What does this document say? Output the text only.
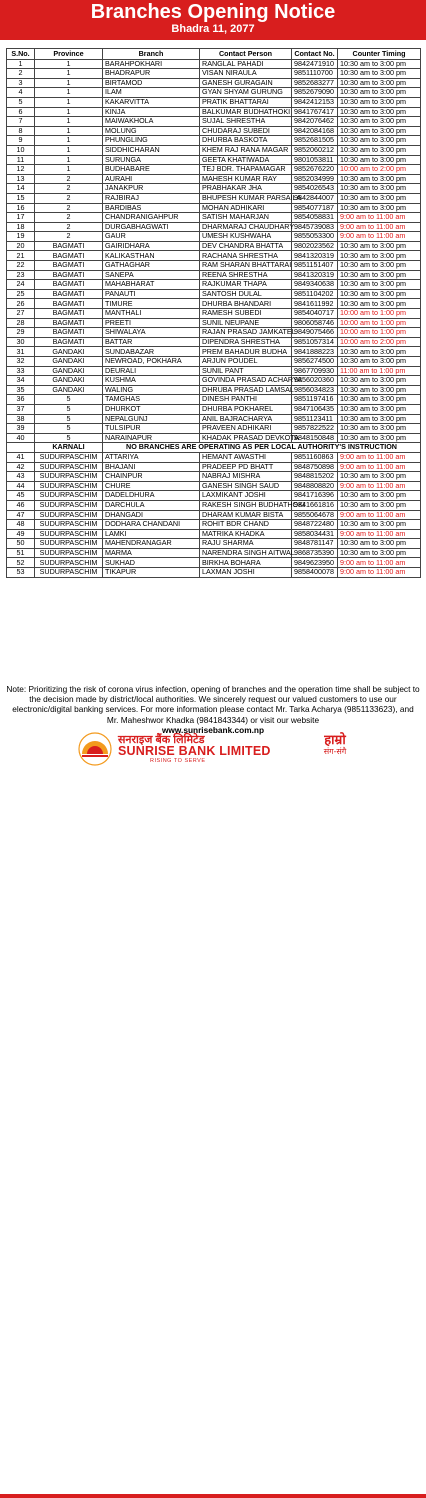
Branches Opening Notice
Bhadra 11, 2077
S.No.	Province	Branch	Contact Person	Contact No.	Counter Timing
1	1	BARAHPOKHARI	RANGLAL PAHADI	9842471910	10:30 am to 3:00 pm
2	1	BHADRAPUR	VISAN NIRAULA	9851110700	10:30 am to 3:00 pm
3	1	BIRTAMOD	GANESH GURAGAIN	9852683277	10:30 am to 3:00 pm
4	1	ILAM	GYAN SHYAM GURUNG	9852679090	10:30 am to 3:00 pm
5	1	KAKARVITTA	PRATIK BHATTARAI	9842412153	10:30 am to 3:00 pm
6	1	KINJA	BALKUMAR BUDHATHOKI	9841767417	10:30 am to 3:00 pm
7	1	MAIWAKHOLA	SUJAL SHRESTHA	9842076462	10:30 am to 3:00 pm
8	1	MOLUNG	CHUDARAJ SUBEDI	9842084168	10:30 am to 3:00 pm
9	1	PHUNGLING	DHURBA BASKOTA	9852681505	10:30 am to 3:00 pm
10	1	SIDDHICHARAN	KHEM RAJ RANA MAGAR	9852060212	10:30 am to 3:00 pm
11	1	SURUNGA	GEETA KHATIWADA	9801053811	10:30 am to 3:00 pm
12	1	BUDHABARE	TEJ BDR. THAPAMAGAR	9852676220	10:00 am to 2:00 pm
13	2	AURAHI	MAHESH KUMAR RAY	9852034999	10:30 am to 3:00 pm
14	2	JANAKPUR	PRABHAKAR JHA	9854026543	10:30 am to 3:00 pm
15	2	RAJBIRAJ	BHUPESH KUMAR PARSAILA	9842844007	10:30 am to 3:00 pm
16	2	BARDIBAS	MOHAN ADHIKARI	9854077187	10:30 am to 3:00 pm
17	2	CHANDRANIGAHPUR	SATISH MAHARJAN	9854058831	9:00 am to 11:00 am
18	2	DURGABHAGWATI	DHARMARAJ CHAUDHARY	9845739083	9:00 am to 11:00 am
19	2	GAUR	UMESH KUSHWAHA	9855053300	9:00 am to 11:00 am
20	BAGMATI	GAIRIDHARA	DEV CHANDRA BHATTA	9802023562	10:30 am to 3:00 pm
21	BAGMATI	KALIKASTHAN	RACHANA SHRESTHA	9841320319	10:30 am to 3:00 pm
22	BAGMATI	GATHAGHAR	RAM SHARAN BHATTARAI	9851151407	10:30 am to 3:00 pm
23	BAGMATI	SANEPA	REENA SHRESTHA	9841320319	10:30 am to 3:00 pm
24	BAGMATI	MAHABHARAT	RAJKUMAR THAPA	9849340638	10:30 am to 3:00 pm
25	BAGMATI	PANAUTI	SANTOSH DULAL	9851104202	10:30 am to 3:00 pm
26	BAGMATI	TIMURE	DHURBA BHANDARI	9841611992	10:30 am to 3:00 pm
27	BAGMATI	MANTHALI	RAMESH SUBEDI	9854040717	10:00 am to 1:00 pm
28	BAGMATI	PREETI	SUNIL NEUPANE	9806058746	10:00 am to 1:00 pm
29	BAGMATI	SHIWALAYA	RAJAN PRASAD JAMKATEL	9849075466	10:00 am to 1:00 pm
30	BAGMATI	BATTAR	DIPENDRA SHRESTHA	9851057314	10:00 am to 2:00 pm
31	GANDAKI	SUNDABAZAR	PREM BAHADUR BUDHA	9841888223	10:30 am to 3:00 pm
32	GANDAKI	NEWROAD, POKHARA	ARJUN POUDEL	9856274500	10:30 am to 3:00 pm
33	GANDAKI	DEURALI	SUNIL PANT	9867709930	11:00 am to 1:00 pm
34	GANDAKI	KUSHMA	GOVINDA PRASAD ACHARYA	9856020360	10:30 am to 3:00 pm
35	GANDAKI	WALING	DHRUBA PRASAD LAMSAL	9856034823	10:30 am to 3:00 pm
36	5	TAMGHAS	DINESH PANTHI	9851197416	10:30 am to 3:00 pm
37	5	DHURKOT	DHURBA POKHAREL	9847106435	10:30 am to 3:00 pm
38	5	NEPALGUNJ	ANIL BAJRACHARYA	9851123411	10:30 am to 3:00 pm
39	5	TULSIPUR	PRAVEEN ADHIKARI	9857822522	10:30 am to 3:00 pm
40	5	NARAINAPUR	KHADAK PRASAD DEVKOTA	9848150848	10:30 am to 3:00 pm
	KARNALI	NO BRANCHES ARE OPERATING AS PER LOCAL AUTHORITY'S INSTRUCTION			
41	SUDURPASCHIM	ATTARIYA	HEMANT AWASTHI	9851160863	9:00 am to 11:00 am
42	SUDURPASCHIM	BHAJANI	PRADEEP PD BHATT	9848750898	9:00 am to 11:00 am
43	SUDURPASCHIM	CHAINPUR	NABRAJ MISHRA	9848815202	10:30 am to 3:00 pm
44	SUDURPASCHIM	CHURE	GANESH SINGH SAUD	9848808820	9:00 am to 11:00 am
45	SUDURPASCHIM	DADELDHURA	LAXMIKANT JOSHI	9841716396	10:30 am to 3:00 pm
46	SUDURPASCHIM	DARCHULA	RAKESH SINGH BUDHATHOKI	9841661816	10:30 am to 3:00 pm
47	SUDURPASCHIM	DHANGADI	DHARAM KUMAR BISTA	9855064678	9:00 am to 11:00 am
48	SUDURPASCHIM	DODHARA CHANDANI	ROHIT BDR CHAND	9848722480	10:30 am to 3:00 pm
49	SUDURPASCHIM	LAMKI	MATRIKA KHADKA	9858034431	9:00 am to 11:00 am
50	SUDURPASCHIM	MAHENDRANAGAR	RAJU SHARMA	9848781147	10:30 am to 3:00 pm
51	SUDURPASCHIM	MARMA	NARENDRA SINGH AITWAL	9868735390	10:30 am to 3:00 pm
52	SUDURPASCHIM	SUKHAD	BIRKHA BOHARA	9849623950	9:00 am to 11:00 am
53	SUDURPASCHIM	TIKAPUR	LAXMAN JOSHI	9858400078	9:00 am to 11:00 am
Note: Prioritizing the risk of corona virus infection, opening of branches and the operation time shall be subject to the decision made by district/local authorities. We sincerely request our valued customers to use our electronic/digital banking services. For more information please contact Mr. Tarka Acharya (9851133623), and Mr. Maheshwor Khadka (9841843344) or visit our website
www.sunrisebank.com.np
सनराइज बैंक लिमिटेड
SUNRISE BANK LIMITED
RISING TO SERVE
हाम्रो
संग-संगै
